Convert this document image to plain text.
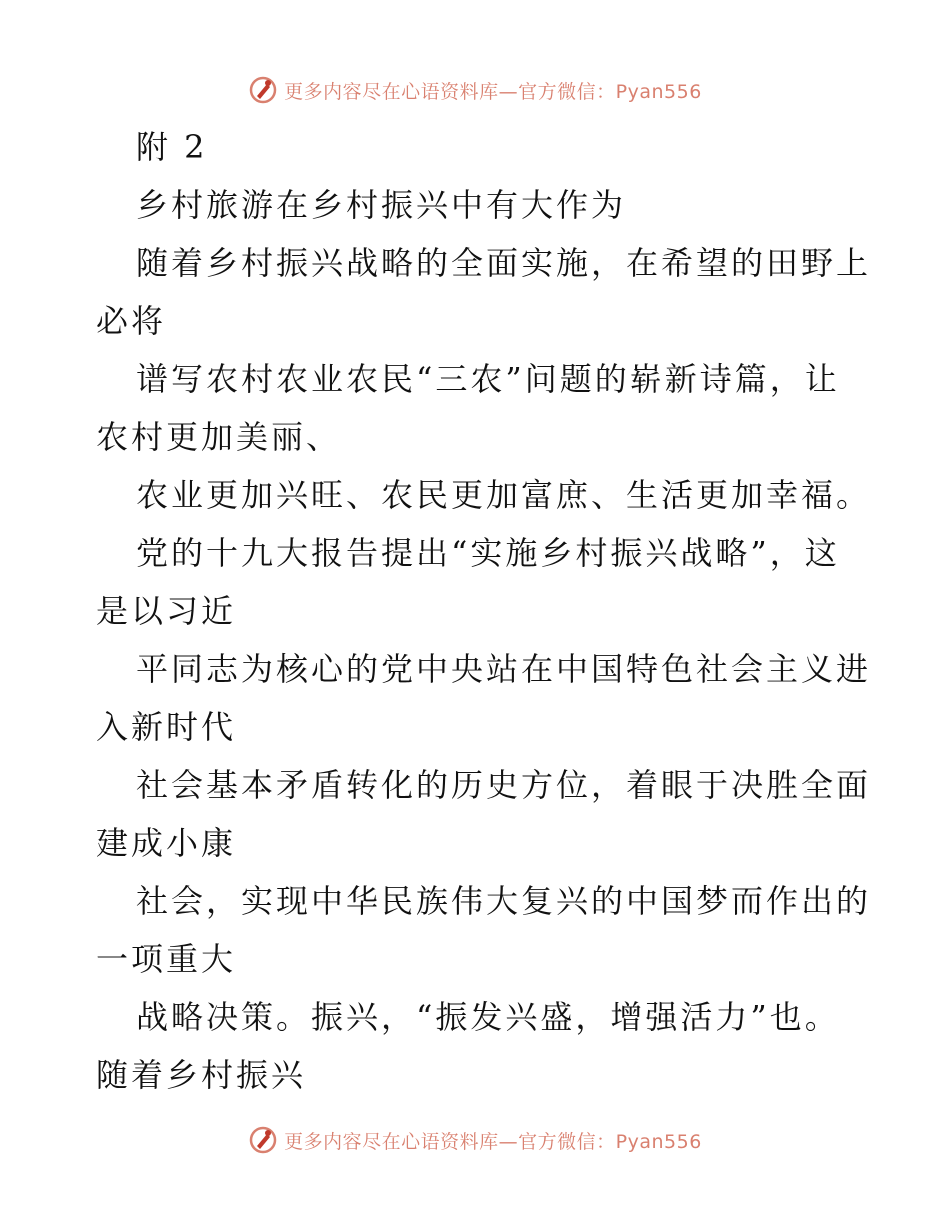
更多内容尽在心语资料库—官方微信：Pyan556
附 2
乡村旅游在乡村振兴中有大作为
随着乡村振兴战略的全面实施，在希望的田野上
必将
谱写农村农业农民“三农”问题的崭新诗篇，让
农村更加美丽、
农业更加兴旺、农民更加富庶、生活更加幸福。
党的十九大报告提出“实施乡村振兴战略”，这
是以习近
平同志为核心的党中央站在中国特色社会主义进
入新时代
社会基本矛盾转化的历史方位，着眼于决胜全面
建成小康
社会，实现中华民族伟大复兴的中国梦而作出的
一项重大
战略决策。振兴，“振发兴盛，增强活力”也。
随着乡村振兴
更多内容尽在心语资料库—官方微信：Pyan556
